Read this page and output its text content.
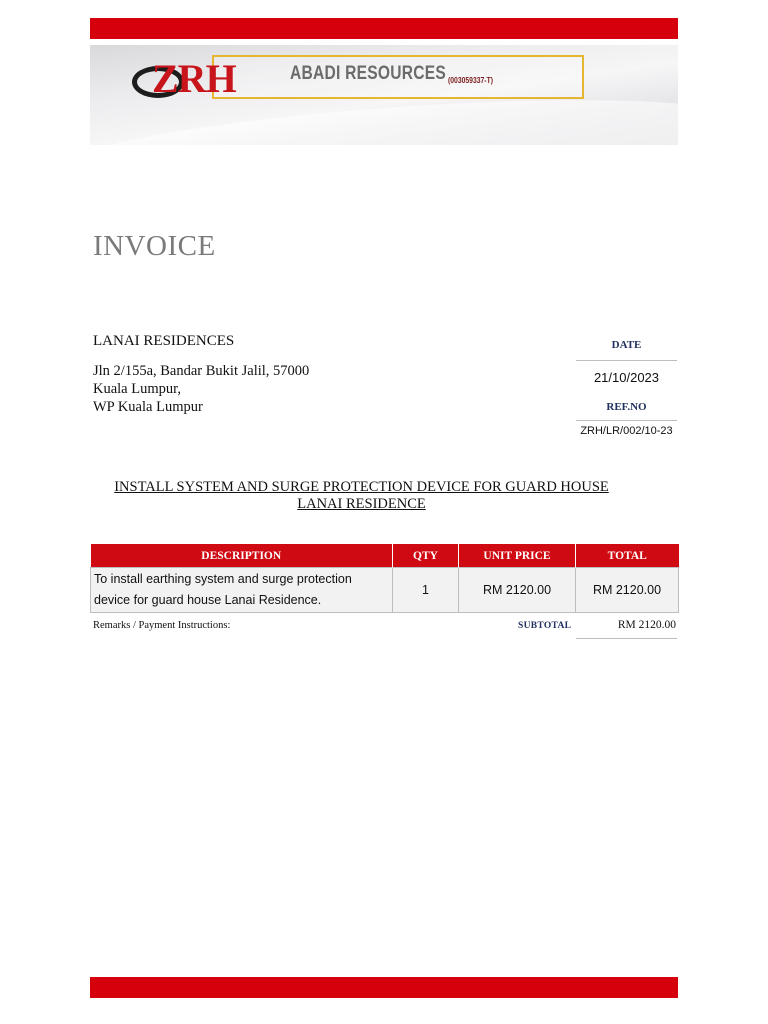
ZRH	ABADI RESOURCES (003059337-T)
INVOICE
LANAI RESIDENCES
Jln 2/155a, Bandar Bukit Jalil, 57000
Kuala Lumpur,
WP Kuala Lumpur
DATE
21/10/2023
REF.NO
ZRH/LR/002/10-23
INSTALL SYSTEM AND SURGE PROTECTION DEVICE FOR GUARD HOUSE
LANAI RESIDENCE
DESCRIPTION	QTY	UNIT PRICE	TOTAL

To install earthing system and surge protection
device for guard house Lanai Residence.	1	RM 2120.00	RM 2120.00
Remarks / Payment Instructions:	SUBTOTAL	RM 2120.00
